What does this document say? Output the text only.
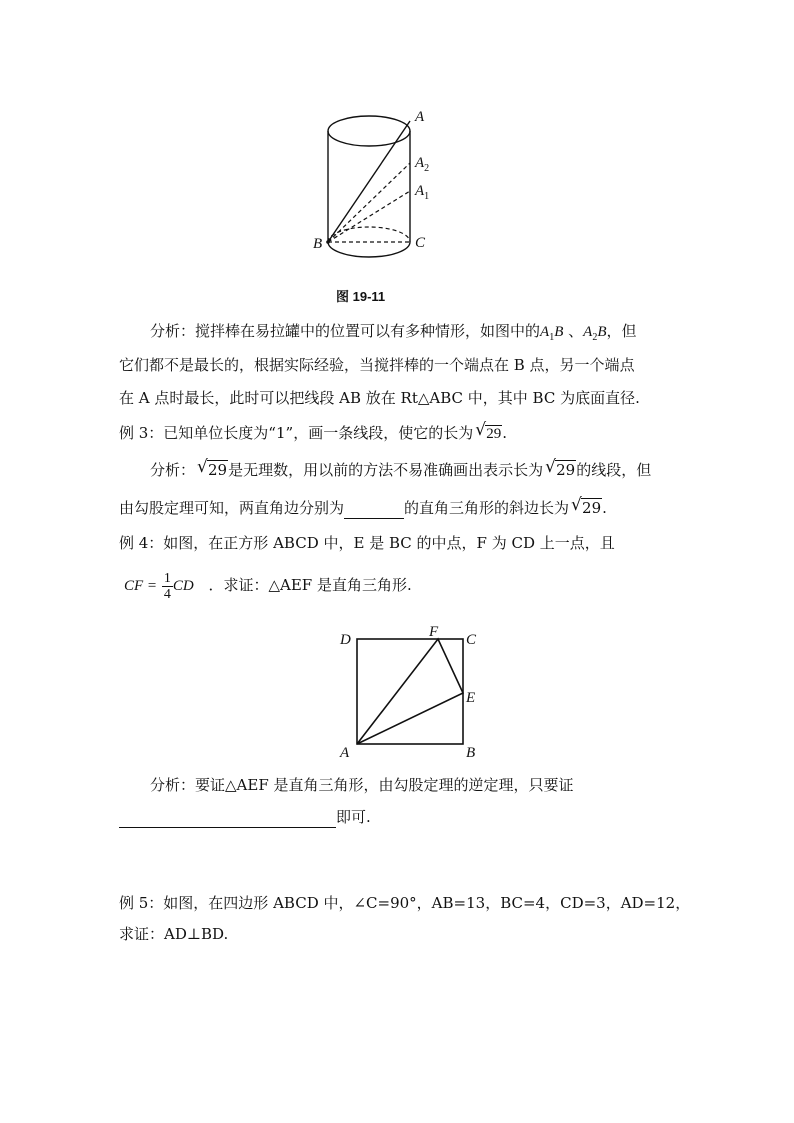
A
$A_2$
$A_1$
B	C
图 19-11
分析：搅拌棒在易拉罐中的位置可以有多种情形，如图中的$A_1B$ 、$A_2B$，但
它们都不是最长的，根据实际经验，当搅拌棒的一个端点在 B 点，另一个端点
在 A 点时最长，此时可以把线段 AB 放在 Rt△ABC 中，其中 BC 为底面直径.
例 3：已知单位长度为“1”，画一条线段，使它的长为 √ 29.
分析： √ 29是无理数，用以前的方法不易准确画出表示长为 √ 29的线段，但
由勾股定理可知，两直角边分别为	的直角三角形的斜边长为 √ 29.
例 4：如图，在正方形 ABCD 中，E 是 BC 的中点，F 为 CD 上一点，且
CF = $\frac{1}{4}$ CD ．求证：△AEF 是直角三角形.
D	F C
E
A	B
分析：要证△AEF 是直角三角形，由勾股定理的逆定理，只要证
即可.
例 5：如图，在四边形 ABCD 中，∠C=90°，AB=13，BC=4，CD=3，AD=12，
求证：AD⊥BD.
